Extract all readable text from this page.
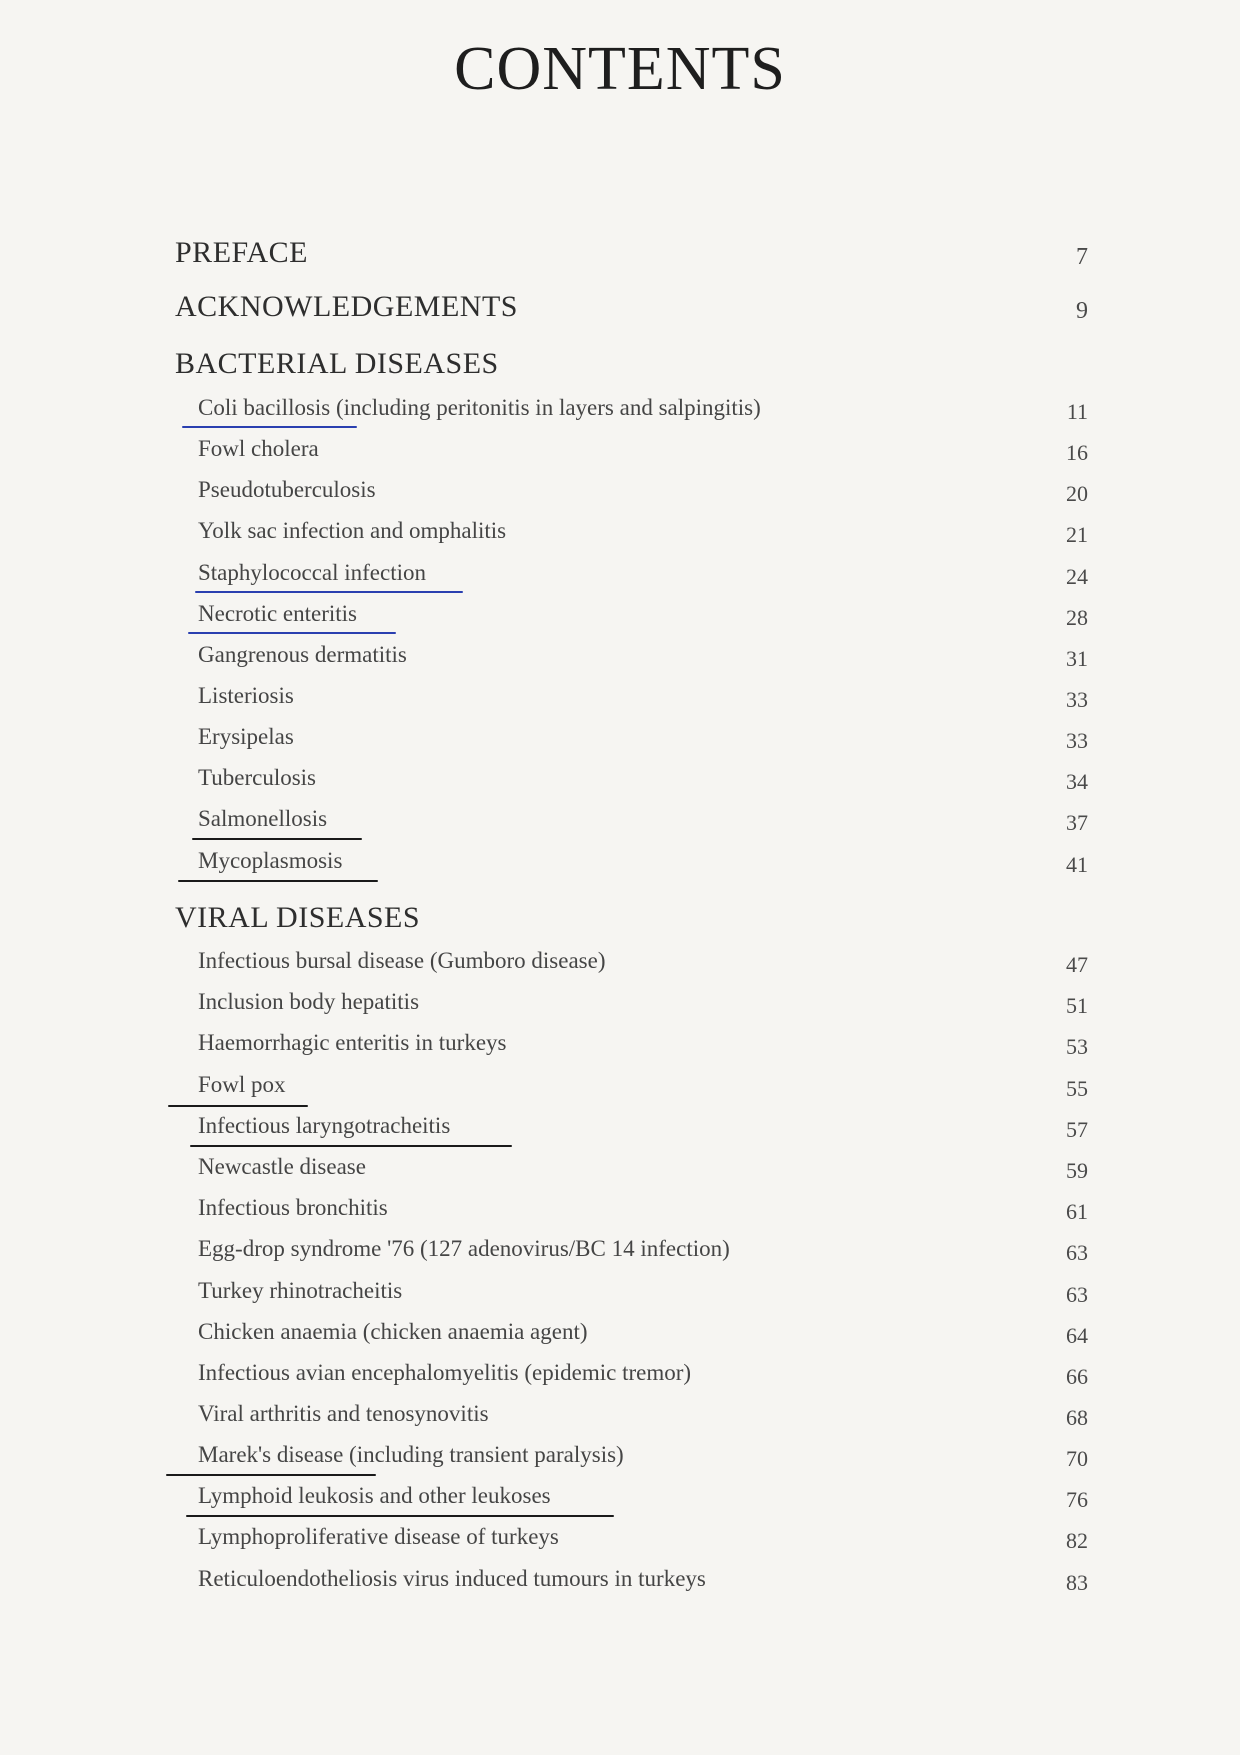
CONTENTS
PREFACE	7
ACKNOWLEDGEMENTS	9
BACTERIAL DISEASES
Coli bacillosis (including peritonitis in layers and salpingitis)	11
Fowl cholera	16
Pseudotuberculosis	20
Yolk sac infection and omphalitis	21
Staphylococcal infection	24
Necrotic enteritis	28
Gangrenous dermatitis	31
Listeriosis	33
Erysipelas	33
Tuberculosis	34
Salmonellosis	37
Mycoplasmosis	41
VIRAL DISEASES
Infectious bursal disease (Gumboro disease)	47
Inclusion body hepatitis	51
Haemorrhagic enteritis in turkeys	53
Fowl pox	55
Infectious laryngotracheitis	57
Newcastle disease	59
Infectious bronchitis	61
Egg-drop syndrome '76 (127 adenovirus/BC 14 infection)	63
Turkey rhinotracheitis	63
Chicken anaemia (chicken anaemia agent)	64
Infectious avian encephalomyelitis (epidemic tremor)	66
Viral arthritis and tenosynovitis	68
Marek's disease (including transient paralysis)	70
Lymphoid leukosis and other leukoses	76
Lymphoproliferative disease of turkeys	82
Reticuloendotheliosis virus induced tumours in turkeys	83
